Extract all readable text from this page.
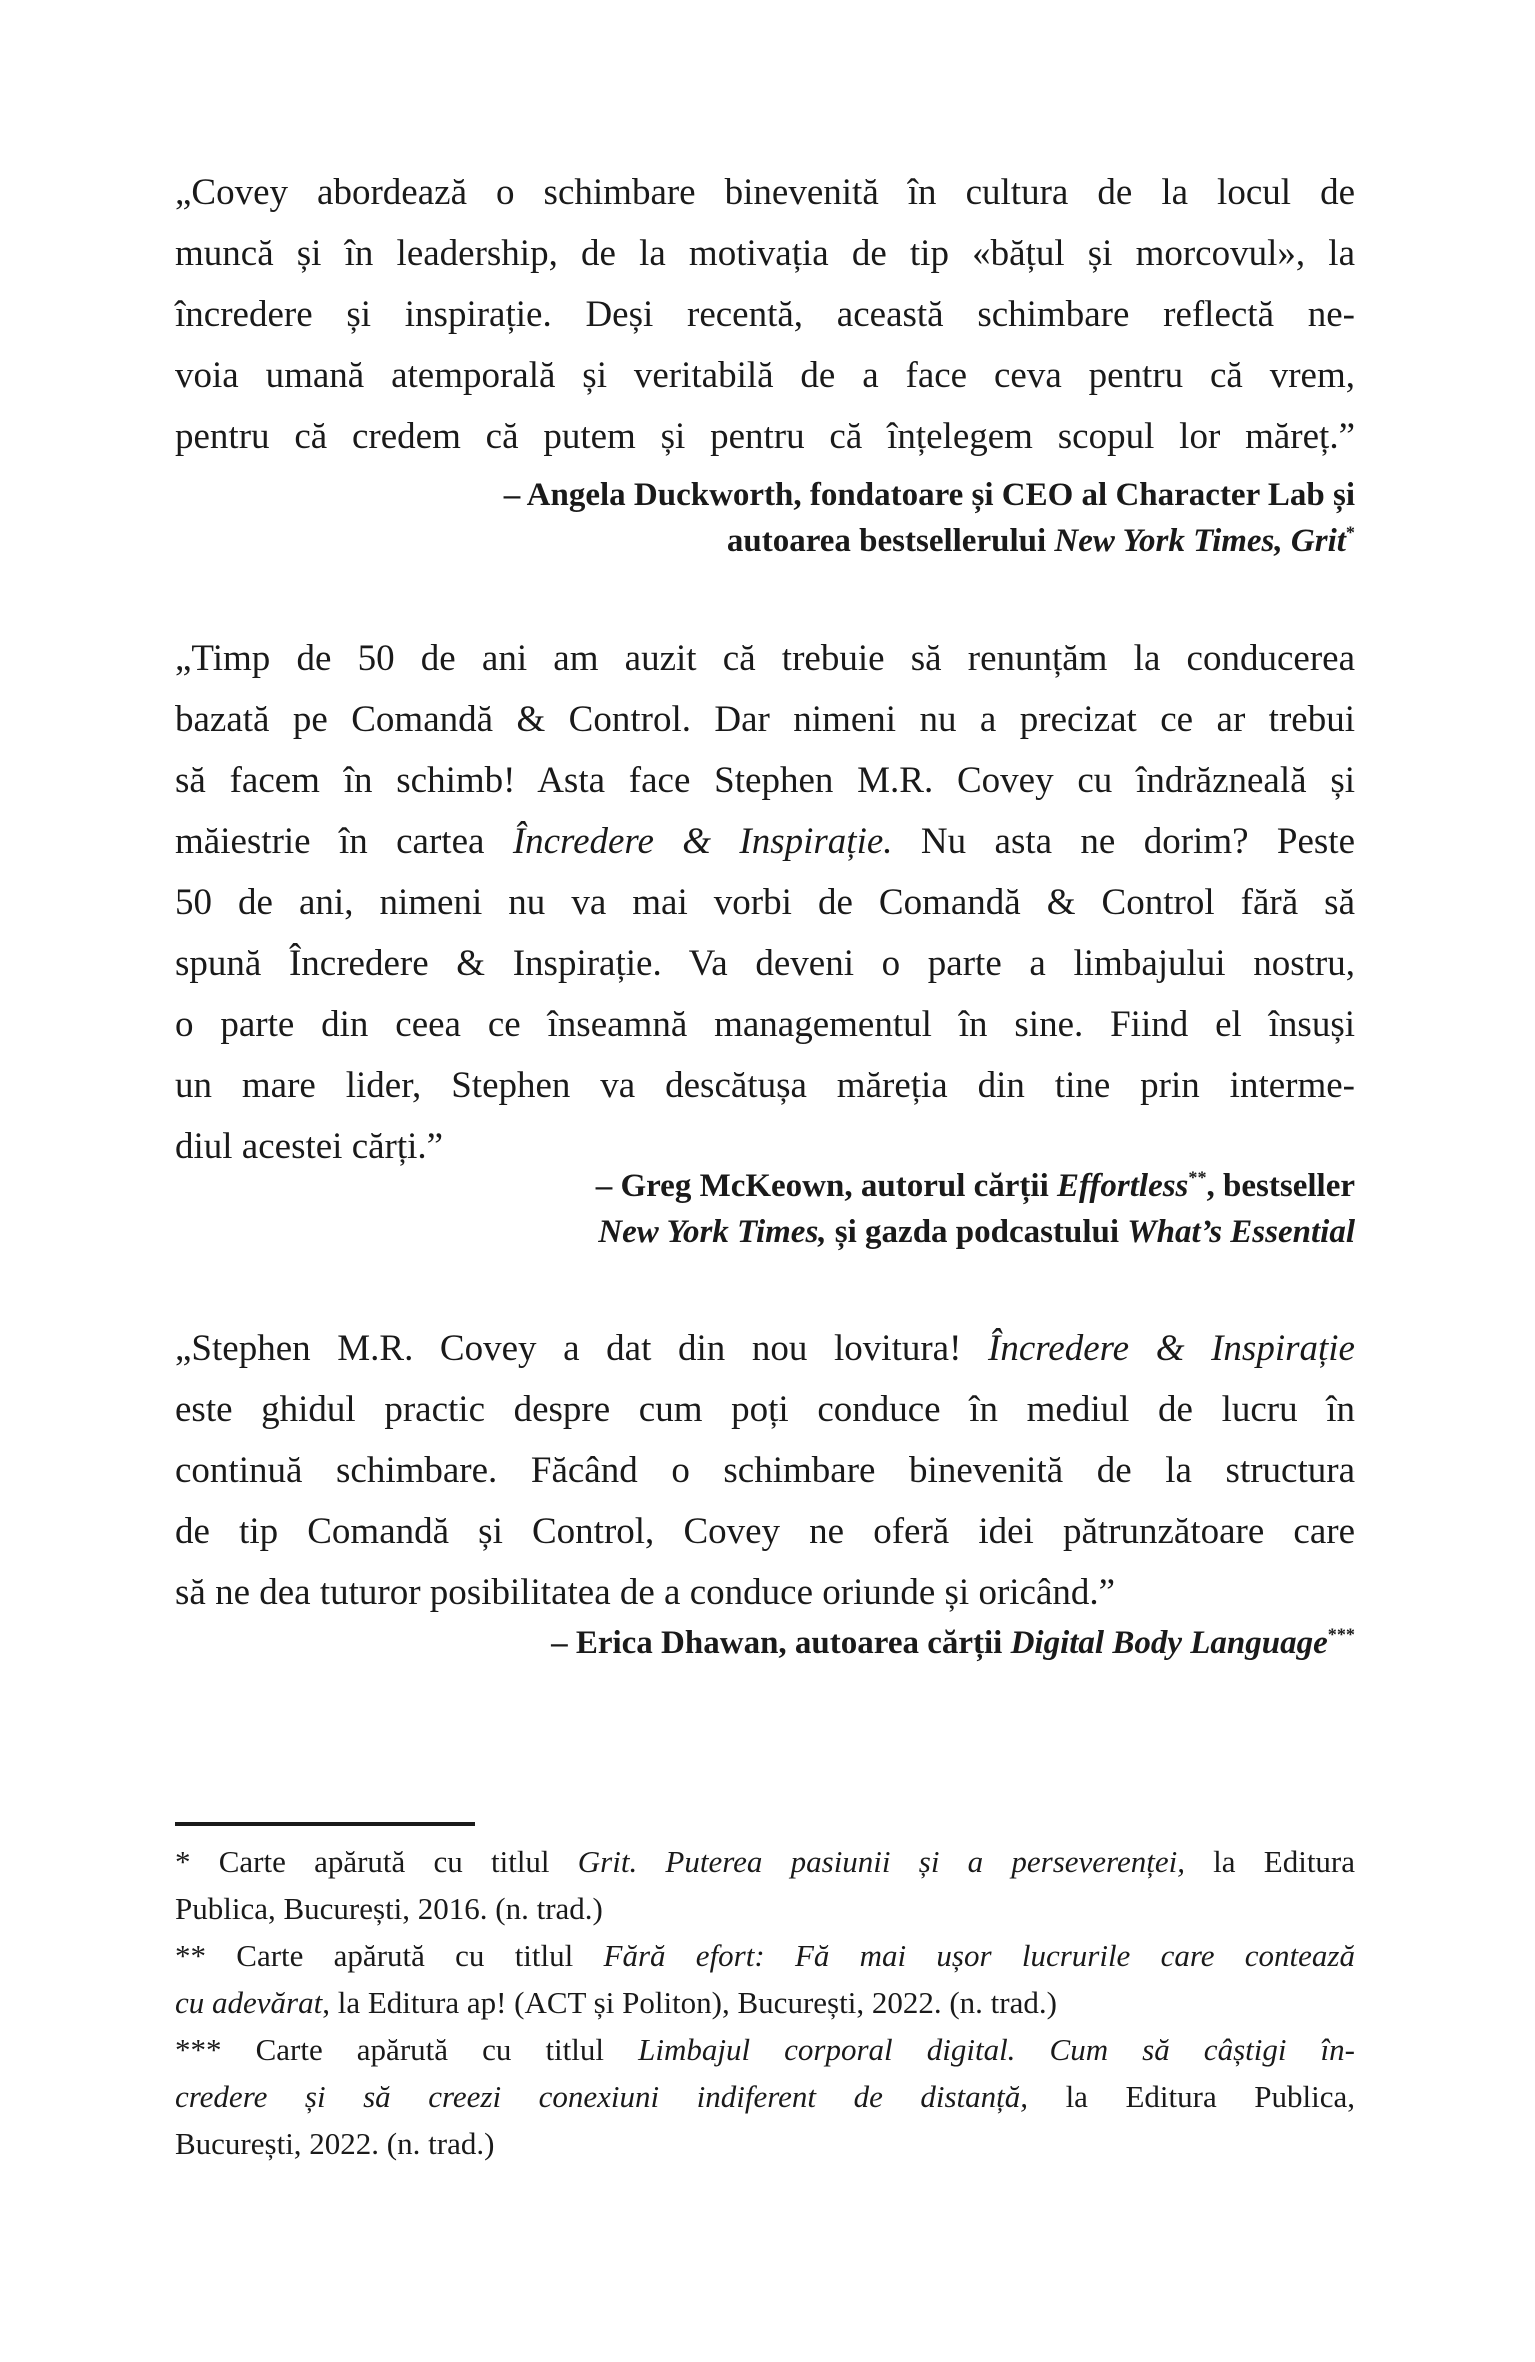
„Covey abordează o schimbare binevenită în cultura de la locul de
muncă și în leadership, de la motivația de tip «bățul și morcovul», la
încredere și inspirație. Deși recentă, această schimbare reflectă ne-
voia umană atemporală și veritabilă de a face ceva pentru că vrem,
pentru că credem că putem și pentru că înțelegem scopul lor măreț.”
– Angela Duckworth, fondatoare și CEO al Character Lab și
autoarea bestsellerului New York Times, Grit*
„Timp de 50 de ani am auzit că trebuie să renunțăm la conducerea
bazată pe Comandă & Control. Dar nimeni nu a precizat ce ar trebui
să facem în schimb! Asta face Stephen M.R. Covey cu îndrăzneală și
măiestrie în cartea Încredere & Inspirație. Nu asta ne dorim? Peste
50 de ani, nimeni nu va mai vorbi de Comandă & Control fără să
spună Încredere & Inspirație. Va deveni o parte a limbajului nostru,
o parte din ceea ce înseamnă managementul în sine. Fiind el însuși
un mare lider, Stephen va descătușa măreția din tine prin interme-
diul acestei cărți.”
– Greg McKeown, autorul cărții Effortless**, bestseller
New York Times, și gazda podcastului What’s Essential
„Stephen M.R. Covey a dat din nou lovitura! Încredere & Inspirație
este ghidul practic despre cum poți conduce în mediul de lucru în
continuă schimbare. Făcând o schimbare binevenită de la structura
de tip Comandă și Control, Covey ne oferă idei pătrunzătoare care
să ne dea tuturor posibilitatea de a conduce oriunde și oricând.”
– Erica Dhawan, autoarea cărții Digital Body Language***
* Carte apărută cu titlul Grit. Puterea pasiunii și a perseverenței, la Editura
Publica, București, 2016. (n. trad.)
** Carte apărută cu titlul Fără efort: Fă mai ușor lucrurile care contează
cu adevărat, la Editura ap! (ACT și Politon), București, 2022. (n. trad.)
*** Carte apărută cu titlul Limbajul corporal digital. Cum să câștigi în-
credere și să creezi conexiuni indiferent de distanță, la Editura Publica,
București, 2022. (n. trad.)
